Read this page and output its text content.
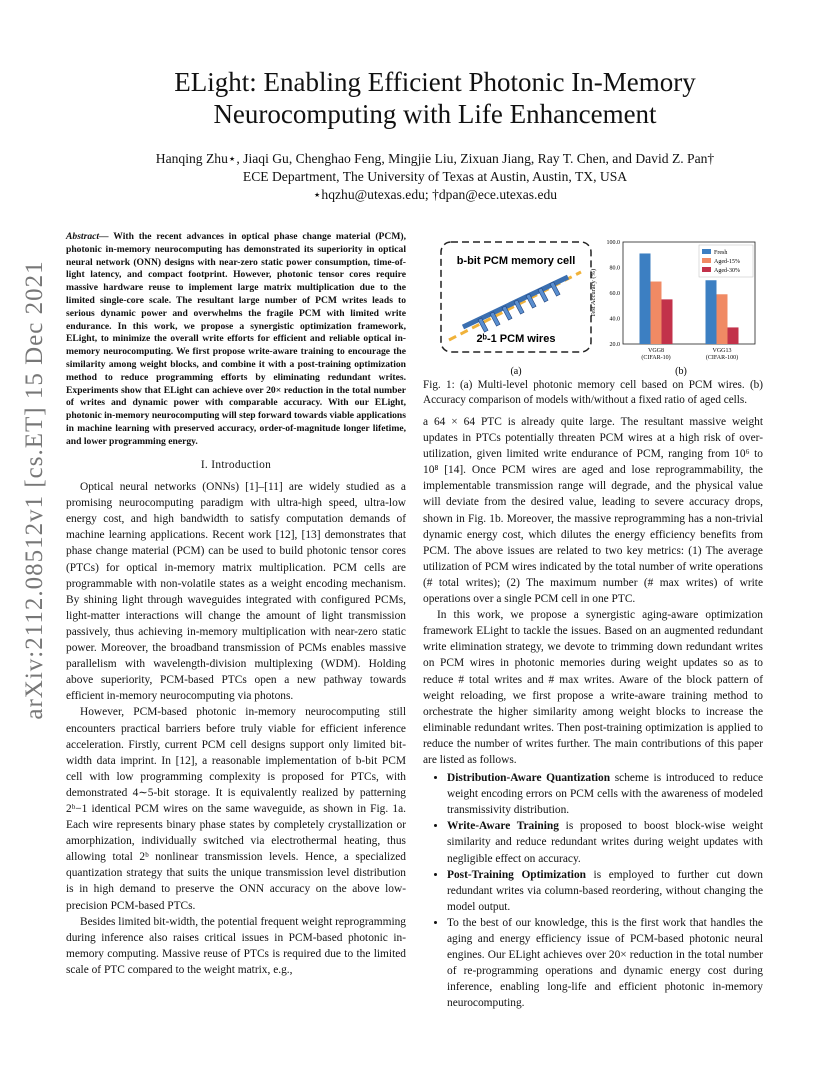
arXiv:2112.08512v1 [cs.ET] 15 Dec 2021
ELight: Enabling Efficient Photonic In-Memory
Neurocomputing with Life Enhancement
Hanqing Zhu⋆, Jiaqi Gu, Chenghao Feng, Mingjie Liu, Zixuan Jiang, Ray T. Chen, and David Z. Pan†
ECE Department, The University of Texas at Austin, Austin, TX, USA
⋆hqzhu@utexas.edu; †dpan@ece.utexas.edu
Abstract— With the recent advances in optical phase change material (PCM), photonic in-memory neurocomputing has demonstrated its superiority in optical neural network (ONN) designs with near-zero static power consumption, time-of-light latency, and compact footprint. However, photonic tensor cores require massive hardware reuse to implement large matrix multiplication due to the limited single-core scale. The resultant large number of PCM writes leads to serious dynamic power and overwhelms the fragile PCM with limited write endurance. In this work, we propose a synergistic optimization framework, ELight, to minimize the overall write efforts for efficient and reliable optical in-memory neurocomputing. We first propose write-aware training to encourage the similarity among weight blocks, and combine it with a post-training optimization method to reduce programming efforts by eliminating redundant writes. Experiments show that ELight can achieve over 20× reduction in the total number of writes and dynamic power with comparable accuracy. With our ELight, photonic in-memory neurocomputing will step forward towards viable applications in machine learning with preserved accuracy, order-of-magnitude longer lifetime, and lower programming energy.
I. Introduction

Optical neural networks (ONNs) [1]–[11] are widely studied as a promising neurocomputing paradigm with ultra-high speed, ultra-low energy cost, and high bandwidth to satisfy computation demands of machine learning applications. Recent work [12], [13] demonstrates that phase change material (PCM) can be used to build photonic tensor cores (PTCs) for optical in-memory matrix multiplication. PCM cells are programmable with non-volatile states as a weight encoding mechanism. By shining light through waveguides integrated with configured PCMs, light-matter interactions will change the amount of light transmission passively, thus achieving in-memory multiplication with near-zero static power. Moreover, the broadband transmission of PCMs enables massive parallelism with wavelength-division multiplexing (WDM). Holding above superiority, PCM-based PTCs open a new pathway towards efficient in-memory neurocomputing via photons.

However, PCM-based photonic in-memory neurocomputing still encounters practical barriers before truly viable for efficient inference acceleration. Firstly, current PCM cell designs support only limited bit-width data imprint. In [12], a reasonable implementation of b-bit PCM cell with low programming complexity is proposed for PTCs, with demonstrated 4∼5-bit storage. It is equivalently realized by patterning 2ᵇ−1 identical PCM wires on the same waveguide, as shown in Fig. 1a. Each wire represents binary phase states by completely crystallization or amorphization, individually switched via electrothermal heating, thus allowing total 2ᵇ nonlinear transmission levels. Hence, a specialized quantization strategy that suits the unique transmission level distribution is in high demand to preserve the ONN accuracy on the above low-precision PCM-based PTCs.

Besides limited bit-width, the potential frequent weight reprogramming during inference also raises critical issues in PCM-based photonic in-memory computing. Massive reuse of PTCs is required due to the limited scale of PTC compared to the weight matrix, e.g.,

b-bit PCM memory cell
2ᵇ-1 PCM wires
(a)
20.0
40.0
60.0
80.0
100.0
Test Accuracy (%)
VGG8
(CIFAR-10)
VGG13
(CIFAR-100)
Fresh
Aged-15%
Aged-30%
(b)
Fig. 1: (a) Multi-level photonic memory cell based on PCM wires. (b) Accuracy comparison of models with/without a fixed ratio of aged cells.

a 64 × 64 PTC is already quite large. The resultant massive weight updates in PTCs potentially threaten PCM wires at a high risk of over-utilization, given limited write endurance of PCM, ranging from 10⁶ to 10⁸ [14]. Once PCM wires are aged and lose reprogrammability, the implementable transmission range will degrade, and the physical value will deviate from the desired value, leading to severe accuracy drops, shown in Fig. 1b. Moreover, the massive reprogramming has a non-trivial dynamic energy cost, which dilutes the energy efficiency benefits from PCM. The above issues are related to two key metrics: (1) The average utilization of PCM wires indicated by the total number of write operations (# total writes); (2) The maximum number (# max writes) of write operations over a single PCM cell in one PTC.

In this work, we propose a synergistic aging-aware optimization framework ELight to tackle the issues. Based on an augmented redundant write elimination strategy, we devote to trimming down redundant writes on PCM wires in photonic memories during weight updates so as to reduce # total writes and # max writes. Aware of the block pattern of weight reloading, we first propose a write-aware training method to orchestrate the higher similarity among weight blocks to increase the eliminable redundant writes. Then post-training optimization is applied to reduce the number of writes further. The main contributions of this paper are listed as follows.

• Distribution-Aware Quantization scheme is introduced to reduce weight encoding errors on PCM cells with the awareness of modeled transmissivity distribution.
• Write-Aware Training is proposed to boost block-wise weight similarity and reduce redundant writes during weight updates with negligible effect on accuracy.
• Post-Training Optimization is employed to further cut down redundant writes via column-based reordering, without changing the model output.
• To the best of our knowledge, this is the first work that handles the aging and energy efficiency issue of PCM-based photonic neural engines. Our ELight achieves over 20× reduction in the total number of re-programming operations and dynamic energy cost during inference, enabling long-life and efficient photonic in-memory neurocomputing.
